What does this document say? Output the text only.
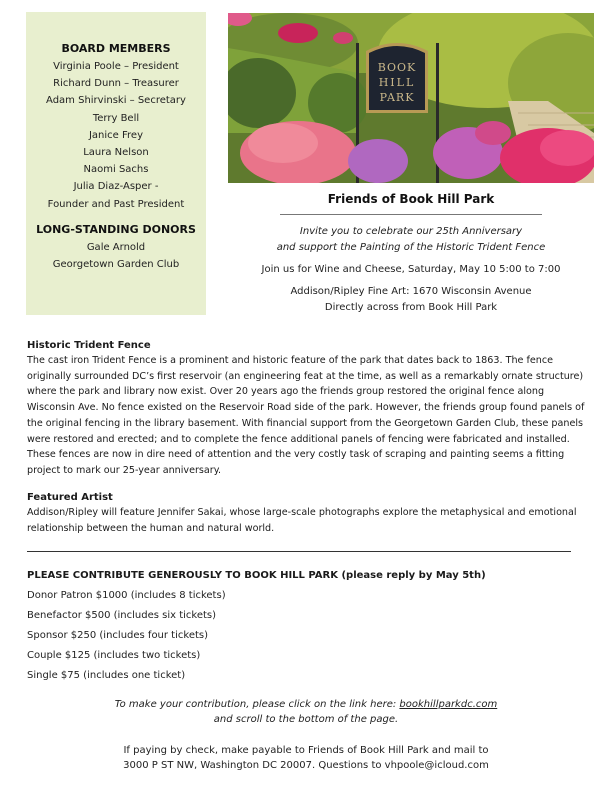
BOARD MEMBERS
Virginia Poole – President
Richard Dunn – Treasurer
Adam Shirvinski – Secretary
Terry Bell
Janice Frey
Laura Nelson
Naomi Sachs
Julia Diaz-Asper -
Founder and Past President
LONG-STANDING DONORS
Gale Arnold
Georgetown Garden Club
BOOK
HILL
PARK

Friends of Book Hill Park

Invite you to celebrate our 25th Anniversary
and support the Painting of the Historic Trident Fence
Join us for Wine and Cheese, Saturday, May 10 5:00 to 7:00
Addison/Ripley Fine Art: 1670 Wisconsin Avenue
Directly across from Book Hill Park
Historic Trident Fence
The cast iron Trident Fence is a prominent and historic feature of the park that dates back to 1863. The fence originally surrounded DC’s first reservoir (an engineering feat at the time, as well as a remarkably ornate structure) where the park and library now exist. Over 20 years ago the friends group restored the original fence along Wisconsin Ave. No fence existed on the Reservoir Road side of the park. However, the friends group found panels of the original fencing in the library basement. With financial support from the Georgetown Garden Club, these panels were restored and erected; and to complete the fence additional panels of fencing were fabricated and installed. These fences are now in dire need of attention and the very costly task of scraping and painting seems a fitting project to mark our 25-year anniversary.
Featured Artist
Addison/Ripley will feature Jennifer Sakai, whose large-scale photographs explore the metaphysical and emotional relationship between the human and natural world.
PLEASE CONTRIBUTE GENEROUSLY TO BOOK HILL PARK (please reply by May 5th)
Donor Patron $1000 (includes 8 tickets)
Benefactor $500 (includes six tickets)
Sponsor $250 (includes four tickets)
Couple $125 (includes two tickets)
Single $75 (includes one ticket)
To make your contribution, please click on the link here: bookhillparkdc.com
and scroll to the bottom of the page.
If paying by check, make payable to Friends of Book Hill Park and mail to
3000 P ST NW, Washington DC 20007. Questions to vhpoole@icloud.com
